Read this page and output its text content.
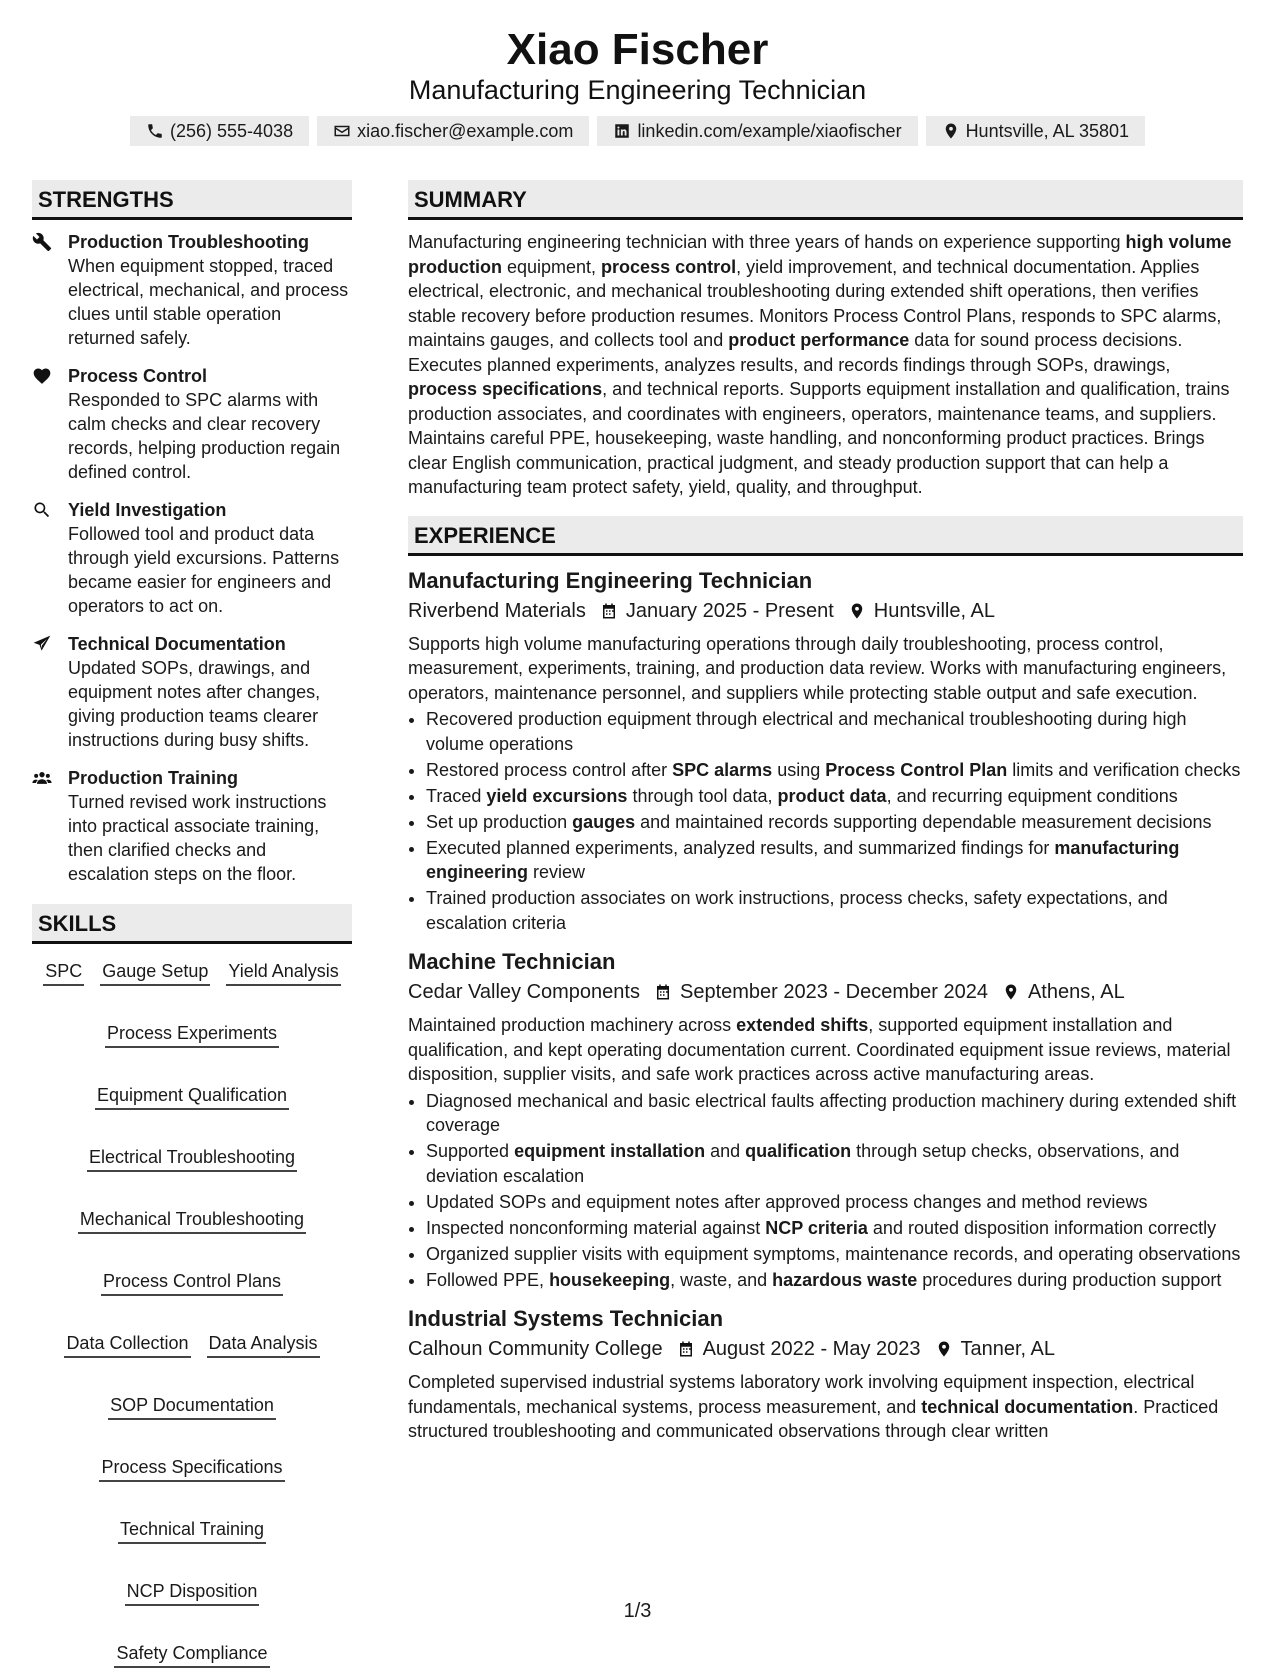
Xiao Fischer
Manufacturing Engineering Technician
(256) 555-4038	xiao.fischer@example.com	linkedin.com/example/xiaofischer	Huntsville, AL 35801
STRENGTHS
Production Troubleshooting
When equipment stopped, traced electrical, mechanical, and process clues until stable operation returned safely.
Process Control
Responded to SPC alarms with calm checks and clear recovery records, helping production regain defined control.
Yield Investigation
Followed tool and product data through yield excursions. Patterns became easier for engineers and operators to act on.
Technical Documentation
Updated SOPs, drawings, and equipment notes after changes, giving production teams clearer instructions during busy shifts.
Production Training
Turned revised work instructions into practical associate training, then clarified checks and escalation steps on the floor.
SKILLS
SPC Gauge Setup Yield Analysis
Process Experiments
Equipment Qualification
Electrical Troubleshooting
Mechanical Troubleshooting
Process Control Plans
Data Collection Data Analysis
SOP Documentation
Process Specifications
Technical Training
NCP Disposition
Safety Compliance
SUMMARY
Manufacturing engineering technician with three years of hands on experience supporting high volume production equipment, process control, yield improvement, and technical documentation. Applies electrical, electronic, and mechanical troubleshooting during extended shift operations, then verifies stable recovery before production resumes. Monitors Process Control Plans, responds to SPC alarms, maintains gauges, and collects tool and product performance data for sound process decisions. Executes planned experiments, analyzes results, and records findings through SOPs, drawings, process specifications, and technical reports. Supports equipment installation and qualification, trains production associates, and coordinates with engineers, operators, maintenance teams, and suppliers. Maintains careful PPE, housekeeping, waste handling, and nonconforming product practices. Brings clear English communication, practical judgment, and steady production support that can help a manufacturing team protect safety, yield, quality, and throughput.
EXPERIENCE
Manufacturing Engineering Technician
Riverbend Materials January 2025 - Present Huntsville, AL
Supports high volume manufacturing operations through daily troubleshooting, process control, measurement, experiments, training, and production data review. Works with manufacturing engineers, operators, maintenance personnel, and suppliers while protecting stable output and safe execution.
• Recovered production equipment through electrical and mechanical troubleshooting during high volume operations
• Restored process control after SPC alarms using Process Control Plan limits and verification checks
• Traced yield excursions through tool data, product data, and recurring equipment conditions
• Set up production gauges and maintained records supporting dependable measurement decisions
• Executed planned experiments, analyzed results, and summarized findings for manufacturing engineering review
• Trained production associates on work instructions, process checks, safety expectations, and escalation criteria
Machine Technician
Cedar Valley Components September 2023 - December 2024 Athens, AL
Maintained production machinery across extended shifts, supported equipment installation and qualification, and kept operating documentation current. Coordinated equipment issue reviews, material disposition, supplier visits, and safe work practices across active manufacturing areas.
• Diagnosed mechanical and basic electrical faults affecting production machinery during extended shift coverage
• Supported equipment installation and qualification through setup checks, observations, and deviation escalation
• Updated SOPs and equipment notes after approved process changes and method reviews
• Inspected nonconforming material against NCP criteria and routed disposition information correctly
• Organized supplier visits with equipment symptoms, maintenance records, and operating observations
• Followed PPE, housekeeping, waste, and hazardous waste procedures during production support
Industrial Systems Technician
Calhoun Community College August 2022 - May 2023 Tanner, AL
Completed supervised industrial systems laboratory work involving equipment inspection, electrical fundamentals, mechanical systems, process measurement, and technical documentation. Practiced structured troubleshooting and communicated observations through clear written
1/3
